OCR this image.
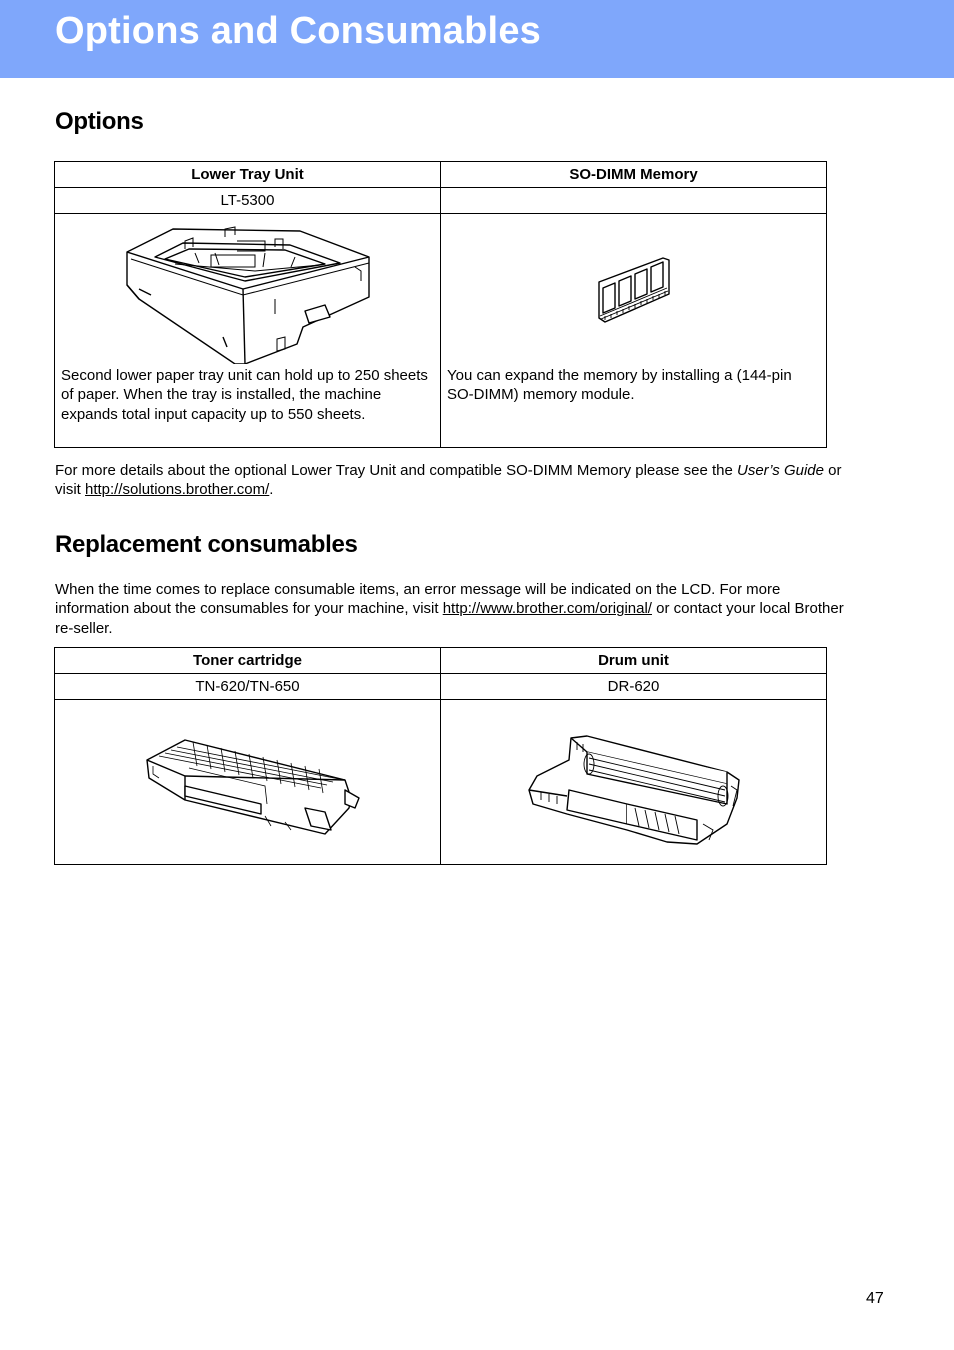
Options and Consumables
Options
Lower Tray Unit	SO-DIMM Memory
LT-5300	

Second lower paper tray unit can hold up to 250 sheets of paper. When the tray is installed, the machine expands total input capacity up to 550 sheets.	You can expand the memory by installing a (144-pin SO-DIMM) memory module.

For more details about the optional Lower Tray Unit and compatible SO-DIMM Memory please see the User’s Guide or visit http://solutions.brother.com/.

Replacement consumables

When the time comes to replace consumable items, an error message will be indicated on the LCD. For more information about the consumables for your machine, visit http://www.brother.com/original/ or contact your local Brother re-seller.

Toner cartridge	Drum unit
TN-620/TN-650	DR-620

47
